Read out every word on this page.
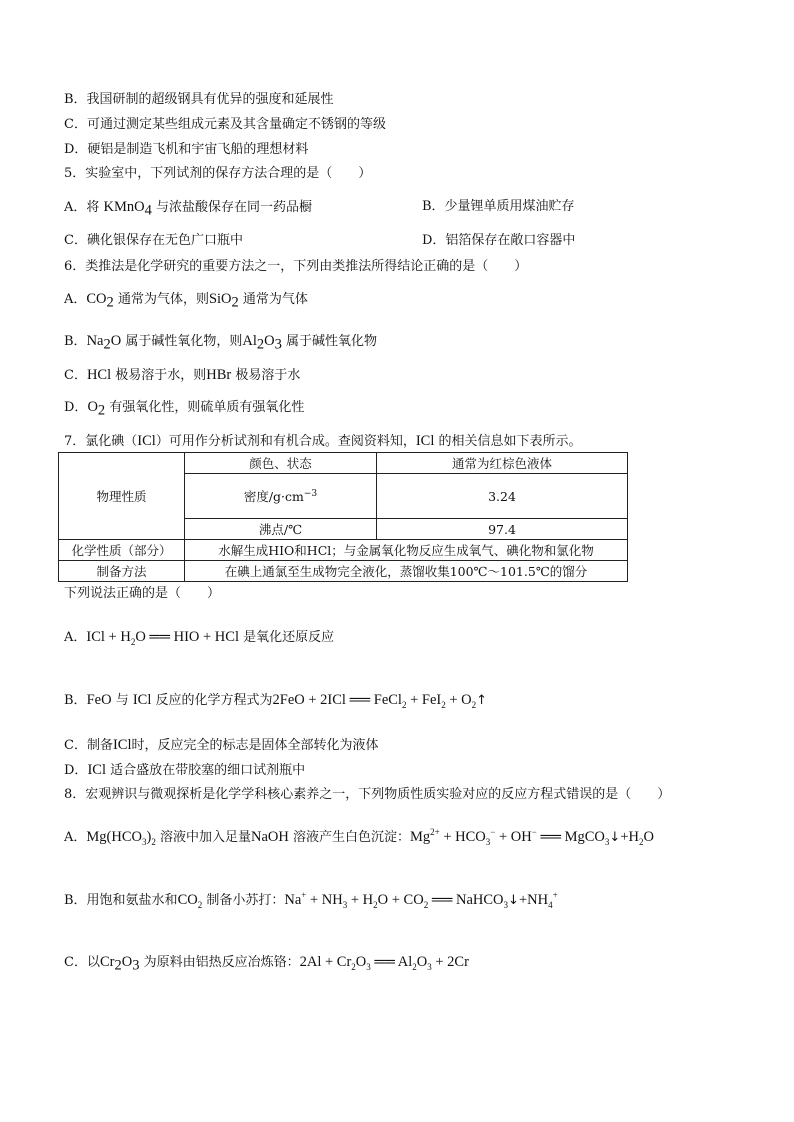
B．我国研制的超级钢具有优异的强度和延展性
C．可通过测定某些组成元素及其含量确定不锈钢的等级
D．硬铝是制造飞机和宇宙飞船的理想材料
5．实验室中，下列试剂的保存方法合理的是（　　）
A．将 KMnO$_4$ 与浓盐酸保存在同一药品橱	B．少量锂单质用煤油贮存
C．碘化银保存在无色广口瓶中	D．铝箔保存在敞口容器中
6．类推法是化学研究的重要方法之一，下列由类推法所得结论正确的是（　　）
A．$CO_2$ 通常为气体，则SiO$_2$ 通常为气体
B．$Na_2O$ 属于碱性氧化物，则$Al_2O_3$ 属于碱性氧化物
C．HCl 极易溶于水，则HBr 极易溶于水
D．$O_2$ 有强氧化性，则硫单质有强氧化性
7．氯化碘（ICl）可用作分析试剂和有机合成。查阅资料知，ICl 的相关信息如下表所示。
物理性质	颜色、状态	通常为红棕色液体
	密度$/g\cdot cm^{-3}$	3.24
	沸点/℃	97.4
化学性质（部分）	水解生成HIO和HCl；与金属氧化物反应生成氧气、碘化物和氯化物	
制备方法	在碘上通氯至生成物完全液化，蒸馏收集100℃～101.5℃的馏分	
下列说法正确的是（　　）
A．ICl + $H_2O$ ══ HIO + HCl 是氧化还原反应
B．FeO 与 ICl 反应的化学方程式为2FeO + 2ICl ══ FeCl$_2$ + $FeI_2 + O_2↑$
C．制备ICl时，反应完全的标志是固体全部转化为液体
D．ICl 适合盛放在带胶塞的细口试剂瓶中
8．宏观辨识与微观探析是化学学科核心素养之一，下列物质性质实验对应的反应方程式错误的是（　　）
A．$Mg(HCO_3)_2$ 溶液中加入足量NaOH 溶液产生白色沉淀：$Mg^{2+} + HCO_3^- + OH^-$ ══ $MgCO_3↓+H_2O$
B．用饱和氨盐水和$CO_2$ 制备小苏打：$Na^+ + NH_3 + H_2O + CO_2$ ══ $NaHCO_3↓+NH_4^+$
C．以$Cr_2O_3$ 为原料由铝热反应冶炼铬：$2Al + Cr_2O_3$ ══ $Al_2O_3 + 2Cr$
